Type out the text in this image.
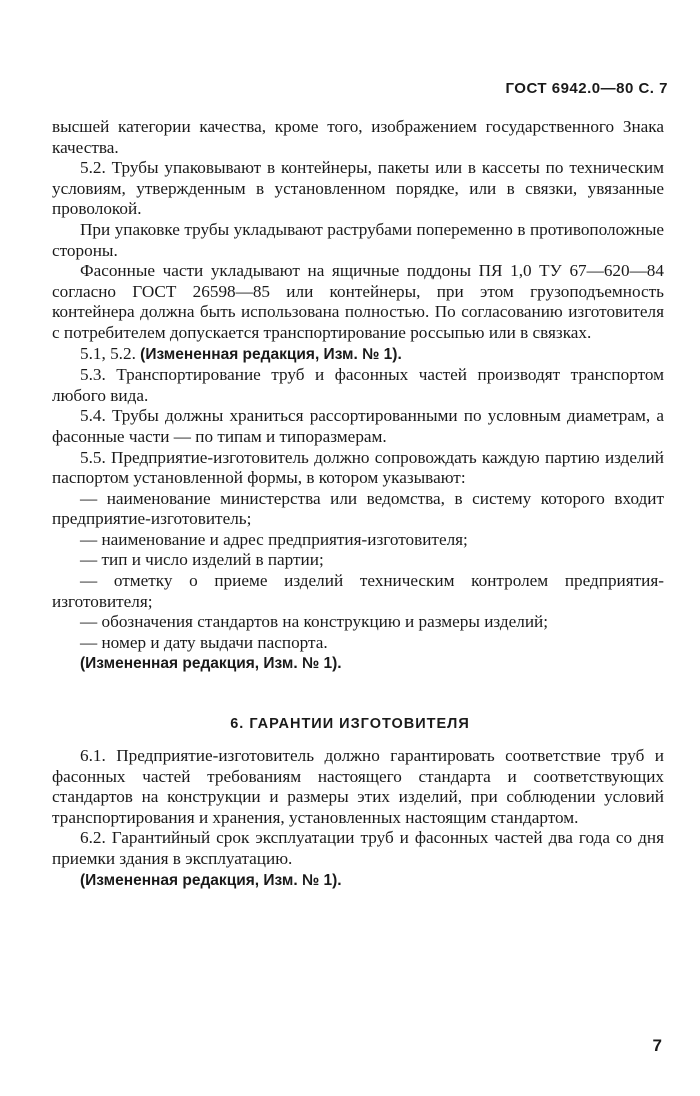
ГОСТ 6942.0—80 С. 7

высшей категории качества, кроме того, изображением государственного Знака качества.

5.2. Трубы упаковывают в контейнеры, пакеты или в кассеты по техническим условиям, утвержденным в установленном порядке, или в связки, увязанные проволокой.

При упаковке трубы укладывают раструбами попеременно в противоположные стороны.

Фасонные части укладывают на ящичные поддоны ПЯ 1,0 ТУ 67—620—84 согласно ГОСТ 26598—85 или контейнеры, при этом грузоподъемность контейнера должна быть использована полностью. По согласованию изготовителя с потребителем допускается транспортирование россыпью или в связках.

5.1, 5.2. (Измененная редакция, Изм. № 1).

5.3. Транспортирование труб и фасонных частей производят транспортом любого вида.

5.4. Трубы должны храниться рассортированными по условным диаметрам, а фасонные части — по типам и типоразмерам.

5.5. Предприятие-изготовитель должно сопровождать каждую партию изделий паспортом установленной формы, в котором указывают:

— наименование министерства или ведомства, в систему которого входит предприятие-изготовитель;

— наименование и адрес предприятия-изготовителя;

— тип и число изделий в партии;

— отметку о приеме изделий техническим контролем предприятия-изготовителя;

— обозначения стандартов на конструкцию и размеры изделий;

— номер и дату выдачи паспорта.

(Измененная редакция, Изм. № 1).

6. ГАРАНТИИ ИЗГОТОВИТЕЛЯ

6.1. Предприятие-изготовитель должно гарантировать соответствие труб и фасонных частей требованиям настоящего стандарта и соответствующих стандартов на конструкции и размеры этих изделий, при соблюдении условий транспортирования и хранения, установленных настоящим стандартом.

6.2. Гарантийный срок эксплуатации труб и фасонных частей два года со дня приемки здания в эксплуатацию.

(Измененная редакция, Изм. № 1).

7
